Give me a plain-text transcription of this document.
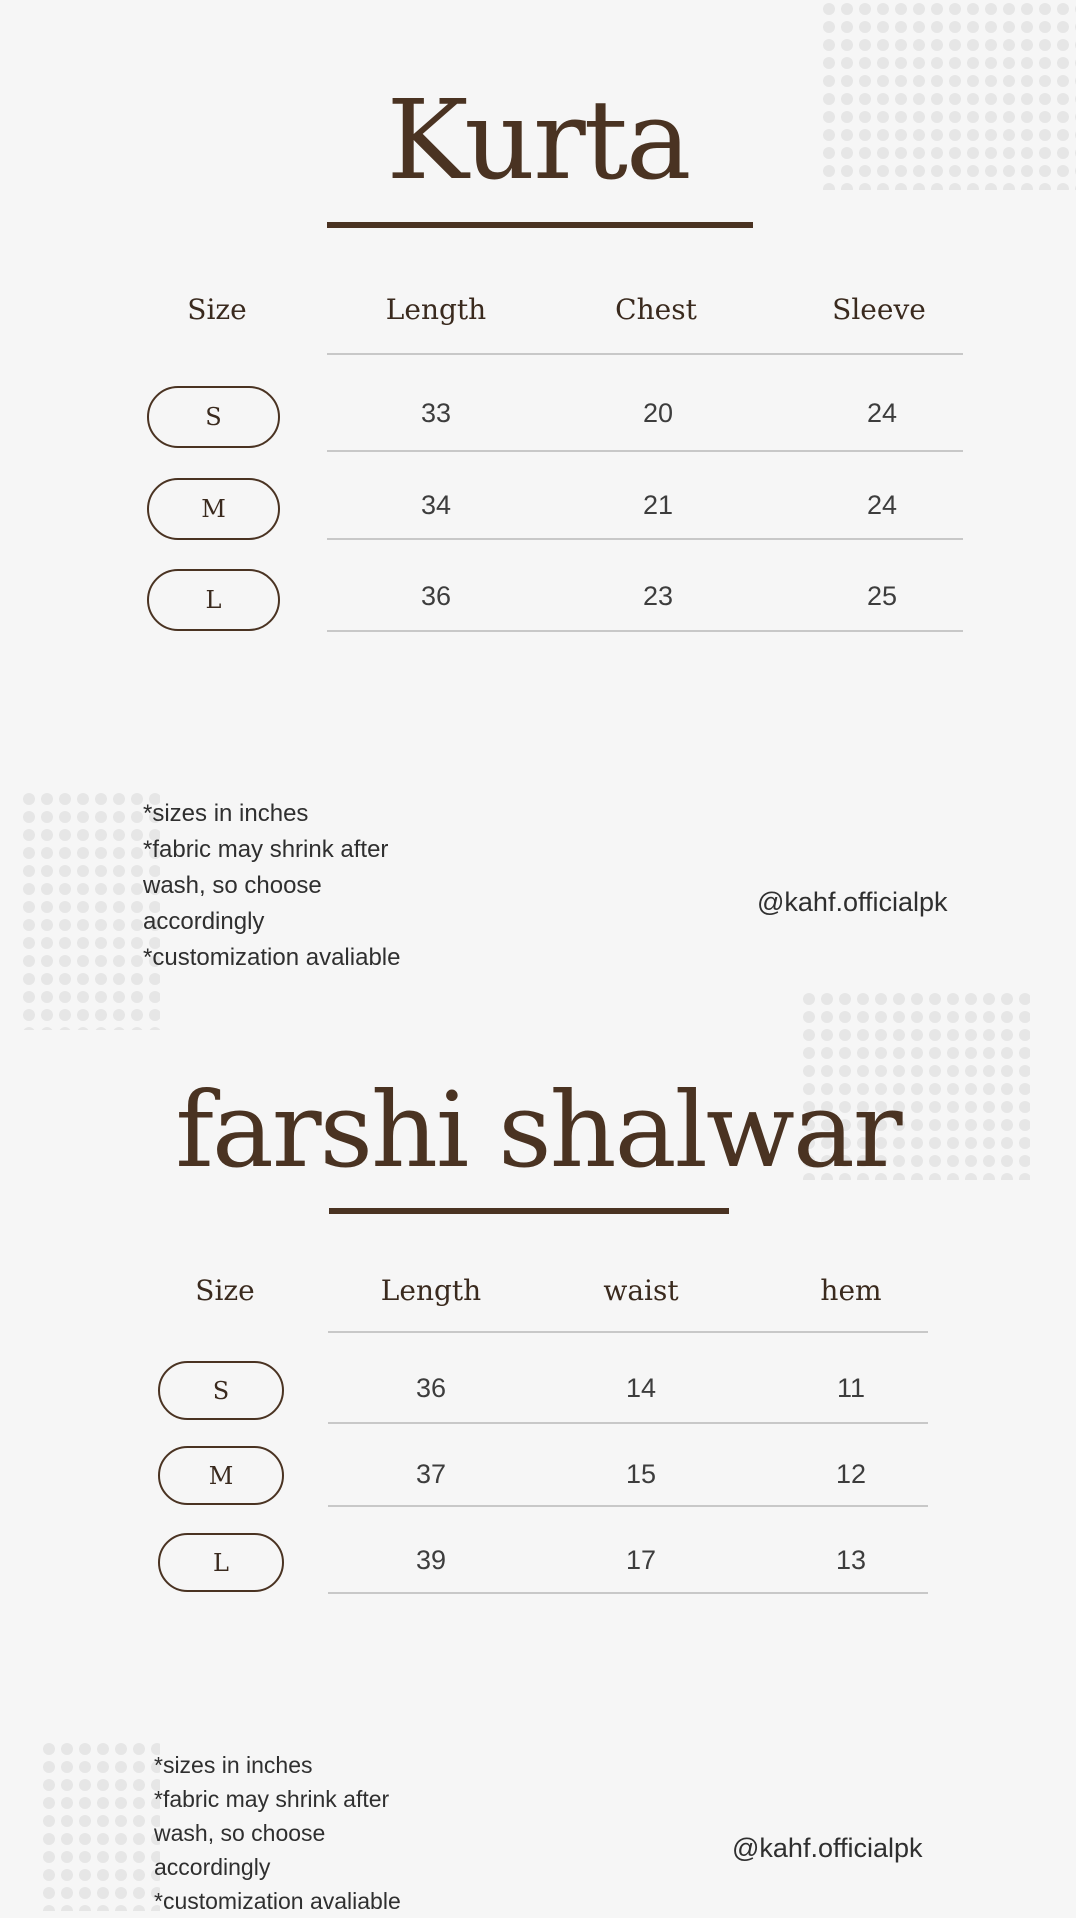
Kurta
Size	Length	Chest	Sleeve
S	33	20	24
M	34	21	24
L	36	23	25
*sizes in inches
*fabric may shrink after
wash, so choose
accordingly
*customization avaliable
@kahf.officialpk
farshi shalwar
Size	Length	waist	hem
S	36	14	11
M	37	15	12
L	39	17	13
*sizes in inches
*fabric may shrink after
wash, so choose
accordingly
*customization avaliable
@kahf.officialpk
